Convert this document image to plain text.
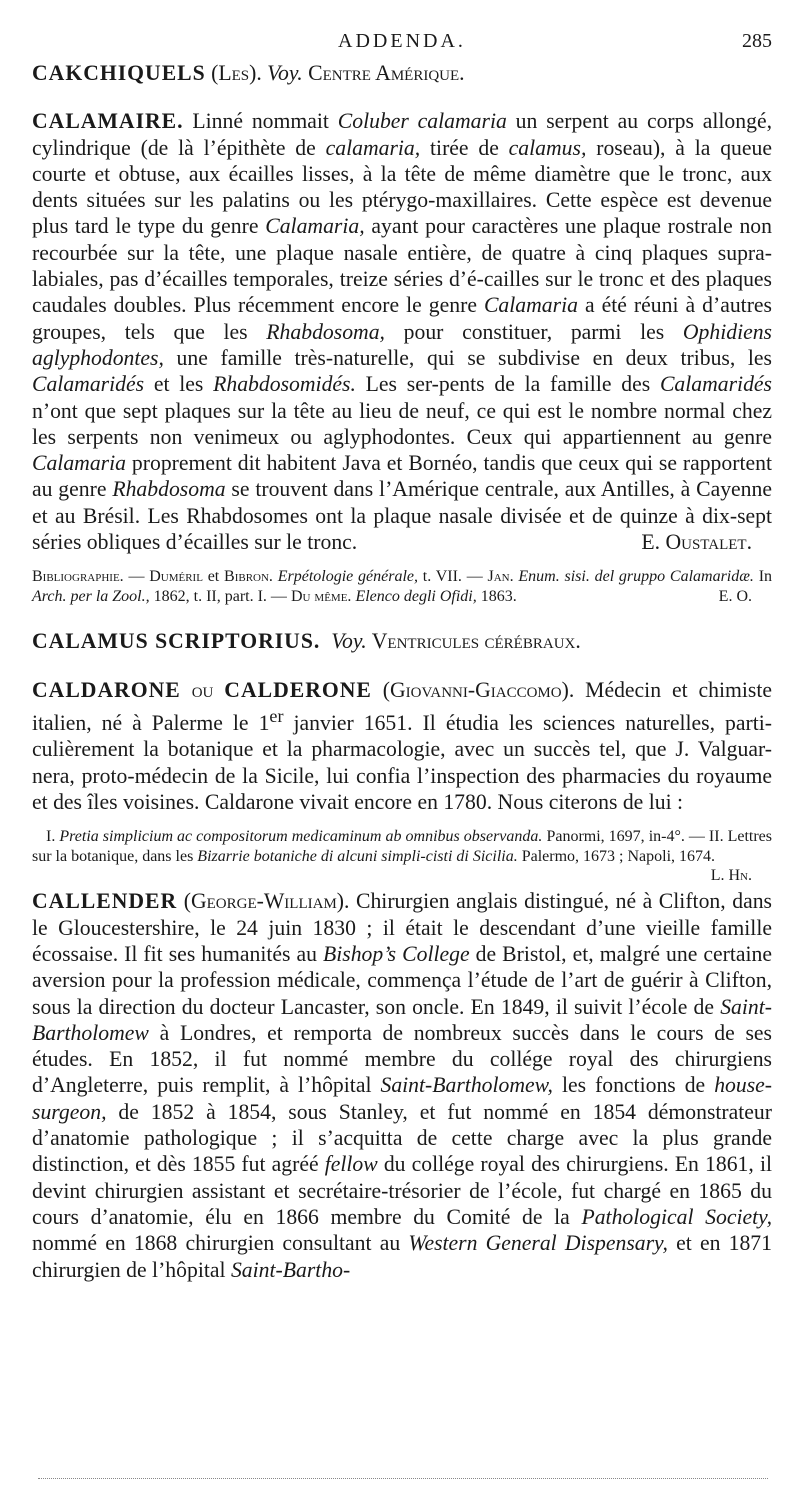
ADDENDA.	285

CAKCHIQUELS (Les). Voy. Centre Amérique.

CALAMAIRE. Linné nommait Coluber calamaria un serpent au corps allongé, cylindrique (de là l’épithète de calamaria, tirée de calamus, roseau), à la queue courte et obtuse, aux écailles lisses, à la tête de même diamètre que le tronc, aux dents situées sur les palatins ou les ptérygo-maxillaires. Cette espèce est devenue plus tard le type du genre Calamaria, ayant pour caractères une plaque rostrale non recourbée sur la tête, une plaque nasale entière, de quatre à cinq plaques supra-labiales, pas d’écailles temporales, treize séries d’é-cailles sur le tronc et des plaques caudales doubles. Plus récemment encore le genre Calamaria a été réuni à d’autres groupes, tels que les Rhabdosoma, pour constituer, parmi les Ophidiens aglyphodontes, une famille très-naturelle, qui se subdivise en deux tribus, les Calamaridés et les Rhabdosomidés. Les ser-pents de la famille des Calamaridés n’ont que sept plaques sur la tête au lieu de neuf, ce qui est le nombre normal chez les serpents non venimeux ou aglyphodontes. Ceux qui appartiennent au genre Calamaria proprement dit habitent Java et Bornéo, tandis que ceux qui se rapportent au genre Rhabdosoma se trouvent dans l’Amérique centrale, aux Antilles, à Cayenne et au Brésil. Les Rhabdosomes ont la plaque nasale divisée et de quinze à dix-sept séries obliques d’écailles sur le tronc.	E. Oustalet.

Bibliographie. — Duméril et Bibron. Erpétologie générale, t. VII. — Jan. Enum. sisi. del gruppo Calamaridæ. In Arch. per la Zool., 1862, t. II, part. I. — Du même. Elenco degli Ofidi, 1863.	E. O.

CALAMUS SCRIPTORIUS. Voy. Ventricules cérébraux.

CALDARONE ou CALDERONE (Giovanni-Giaccomo). Médecin et chimiste italien, né à Palerme le 1er janvier 1651. Il étudia les sciences naturelles, parti-culièrement la botanique et la pharmacologie, avec un succès tel, que J. Valguar-nera, proto-médecin de la Sicile, lui confia l’inspection des pharmacies du royaume et des îles voisines. Caldarone vivait encore en 1780. Nous citerons de lui :

I. Pretia simplicium ac compositorum medicaminum ab omnibus observanda. Panormi, 1697, in-4°. — II. Lettres sur la botanique, dans les Bizarrie botaniche di alcuni simpli-cisti di Sicilia. Palermo, 1673 ; Napoli, 1674.
L. Hn.

CALLENDER (George-William). Chirurgien anglais distingué, né à Clifton, dans le Gloucestershire, le 24 juin 1830 ; il était le descendant d’une vieille famille écossaise. Il fit ses humanités au Bishop’s College de Bristol, et, malgré une certaine aversion pour la profession médicale, commença l’étude de l’art de guérir à Clifton, sous la direction du docteur Lancaster, son oncle. En 1849, il suivit l’école de Saint-Bartholomew à Londres, et remporta de nombreux succès dans le cours de ses études. En 1852, il fut nommé membre du collége royal des chirurgiens d’Angleterre, puis remplit, à l’hôpital Saint-Bartholomew, les fonctions de house-surgeon, de 1852 à 1854, sous Stanley, et fut nommé en 1854 démonstrateur d’anatomie pathologique ; il s’acquitta de cette charge avec la plus grande distinction, et dès 1855 fut agréé fellow du collége royal des chirurgiens. En 1861, il devint chirurgien assistant et secrétaire-trésorier de l’école, fut chargé en 1865 du cours d’anatomie, élu en 1866 membre du Comité de la Pathological Society, nommé en 1868 chirurgien consultant au Western General Dispensary, et en 1871 chirurgien de l’hôpital Saint-Bartho-
